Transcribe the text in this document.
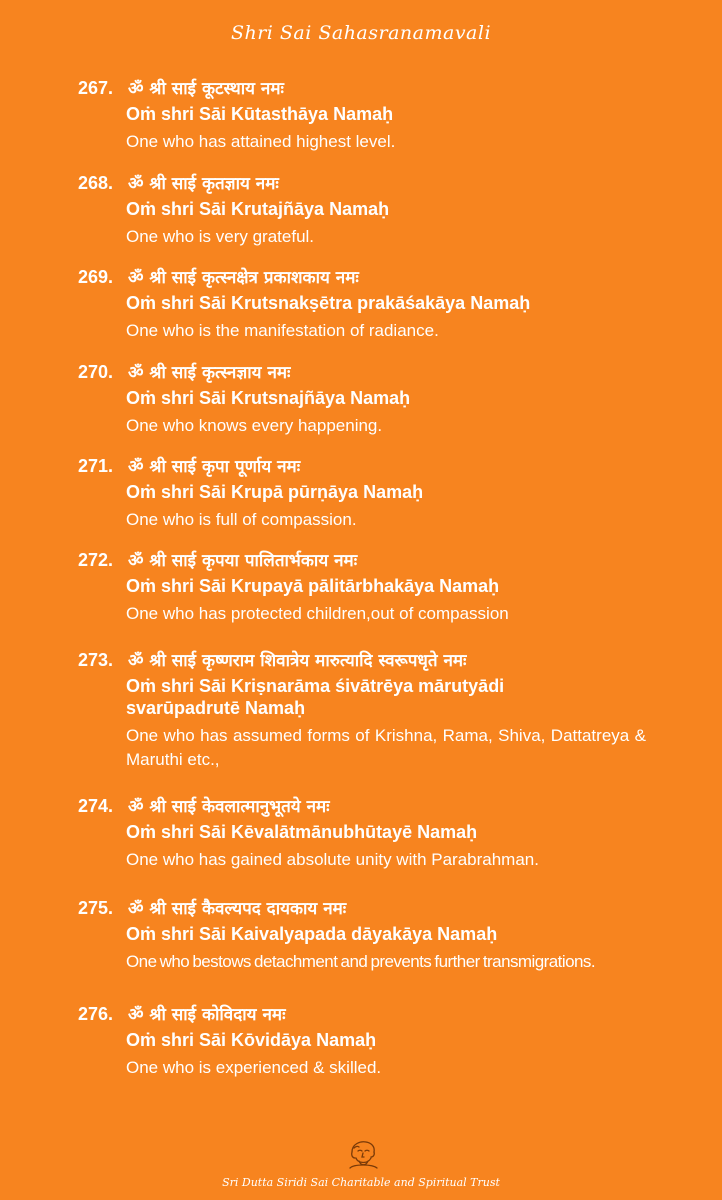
Shri Sai Sahasranamavali
267. ॐ श्री साई कूटस्थाय नमः
Oṁ shri Sāi Kūtasthāya Namaḥ
One who has attained highest level.
268. ॐ श्री साई कृतज्ञाय नमः
Oṁ shri Sāi Krutajñāya Namaḥ
One who is very grateful.
269. ॐ श्री साई कृत्स्नक्षेत्र प्रकाशकाय नमः
Oṁ shri Sāi Krutsnakṣētra prakāśakāya Namaḥ
One who is the manifestation of radiance.
270. ॐ श्री साई कृत्स्नज्ञाय नमः
Oṁ shri Sāi Krutsnajñāya Namaḥ
One who knows every happening.
271. ॐ श्री साई कृपा पूर्णाय नमः
Oṁ shri Sāi Krupā pūrṇāya Namaḥ
One who is full of compassion.
272. ॐ श्री साई कृपया पालितार्भकाय नमः
Oṁ shri Sāi Krupayā pālitārbhakāya Namaḥ
One who has protected children,out of compassion
273. ॐ श्री साई कृष्णराम शिवात्रेय मारुत्यादि स्वरूपधृते नमः
Oṁ shri Sāi Kriṣnarāma śivātrēya mārutyādi svarūpadrutē Namaḥ
One who has assumed forms of Krishna, Rama, Shiva, Dattatreya & Maruthi etc.,
274. ॐ श्री साई केवलात्मानुभूतये नमः
Oṁ shri Sāi Kēvalātmānubhūtayē Namaḥ
One who has gained absolute unity with Parabrahman.
275. ॐ श्री साई कैवल्यपद दायकाय नमः
Oṁ shri Sāi Kaivalyapada dāyakāya Namaḥ
One who bestows detachment and prevents further transmigrations.
276. ॐ श्री साई कोविदाय नमः
Oṁ shri Sāi Kōvidāya Namaḥ
One who is experienced & skilled.
Sri Dutta Siridi Sai Charitable and Spiritual Trust
